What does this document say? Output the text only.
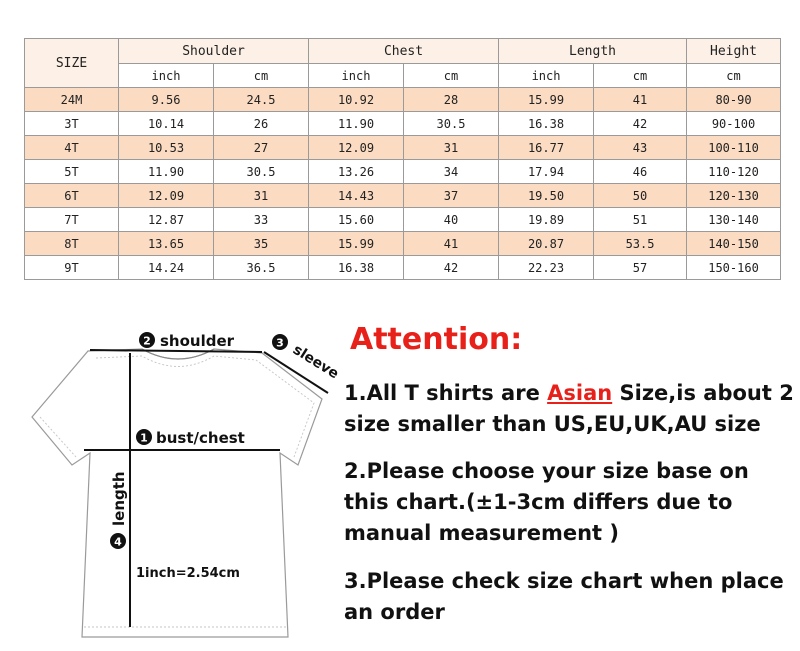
SIZE	Shoulder		Chest		Length		Height
	inch	cm	inch	cm	inch	cm	cm
24M	9.56	24.5	10.92	28	15.99	41	80-90
3T	10.14	26	11.90	30.5	16.38	42	90-100
4T	10.53	27	12.09	31	16.77	43	100-110
5T	11.90	30.5	13.26	34	17.94	46	110-120
6T	12.09	31	14.43	37	19.50	50	120-130
7T	12.87	33	15.60	40	19.89	51	130-140
8T	13.65	35	15.99	41	20.87	53.5	140-150
9T	14.24	36.5	16.38	42	22.23	57	150-160
2 shoulder	3 sleeve
1 bust/chest
4
length
1inch=2.54cm
Attention:

1.All T shirts are Asian Size,is about 2 size smaller than US,EU,UK,AU size

2.Please choose your size base on this chart.(±1-3cm differs due to manual measurement )

3.Please check size chart when place an order
